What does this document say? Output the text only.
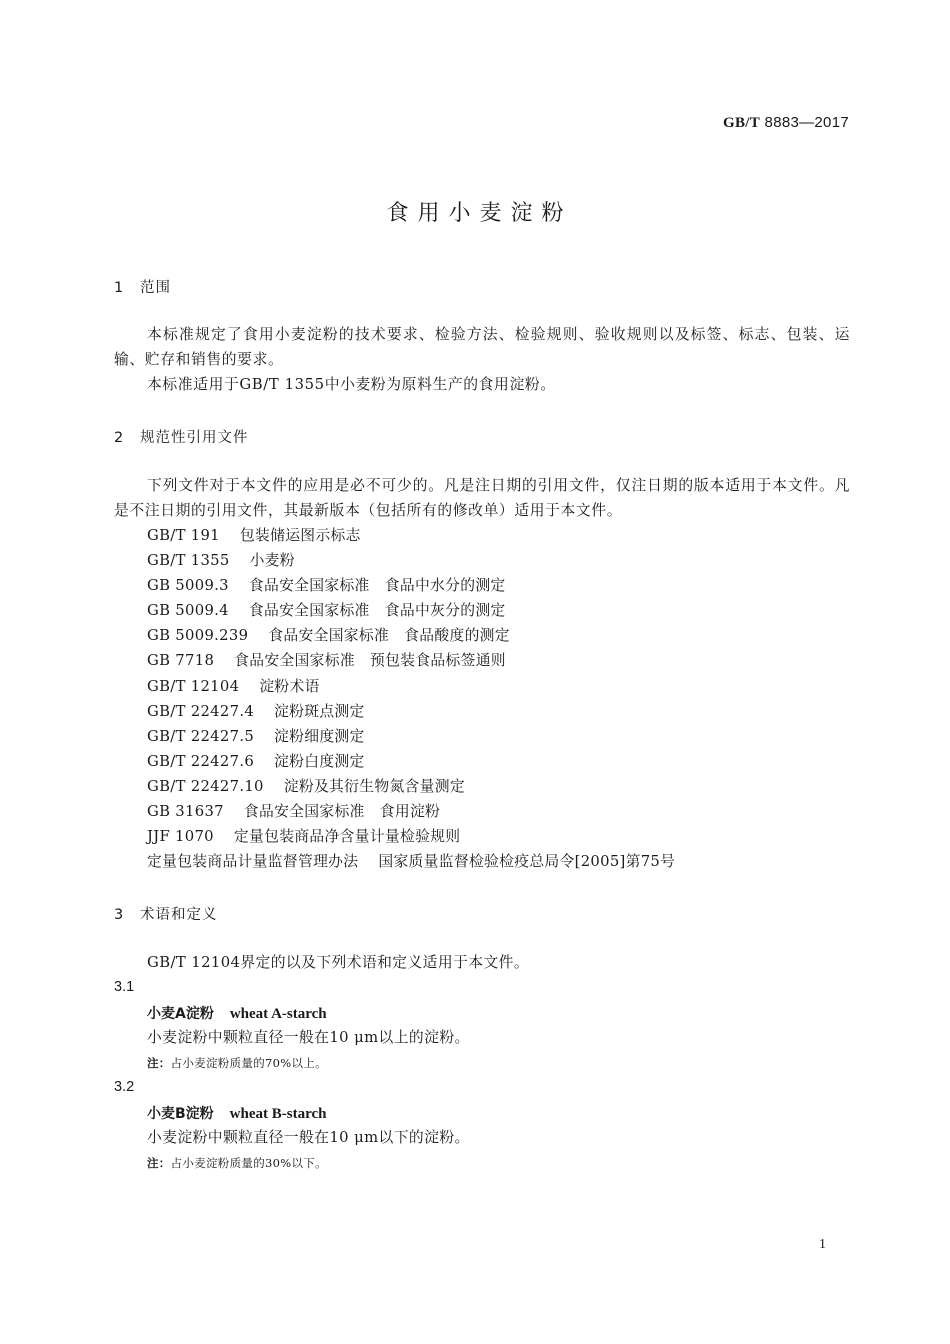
GB/T 8883—2017
食用小麦淀粉
1 范围
本标准规定了食用小麦淀粉的技术要求、检验方法、检验规则、验收规则以及标签、标志、包装、运输、贮存和销售的要求。
本标准适用于GB/T 1355中小麦粉为原料生产的食用淀粉。
2 规范性引用文件
下列文件对于本文件的应用是必不可少的。凡是注日期的引用文件，仅注日期的版本适用于本文件。凡是不注日期的引用文件，其最新版本（包括所有的修改单）适用于本文件。
GB/T 191 包装储运图示标志
GB/T 1355 小麦粉
GB 5009.3 食品安全国家标准　食品中水分的测定
GB 5009.4 食品安全国家标准　食品中灰分的测定
GB 5009.239 食品安全国家标准　食品酸度的测定
GB 7718 食品安全国家标准　预包装食品标签通则
GB/T 12104 淀粉术语
GB/T 22427.4 淀粉斑点测定
GB/T 22427.5 淀粉细度测定
GB/T 22427.6 淀粉白度测定
GB/T 22427.10 淀粉及其衍生物氮含量测定
GB 31637 食品安全国家标准　食用淀粉
JJF 1070 定量包装商品净含量计量检验规则
定量包装商品计量监督管理办法 国家质量监督检验检疫总局令[2005]第75号
3 术语和定义
GB/T 12104界定的以及下列术语和定义适用于本文件。
3.1
小麦A淀粉 wheat A-starch
小麦淀粉中颗粒直径一般在10 μm以上的淀粉。
注：占小麦淀粉质量的70%以上。
3.2
小麦B淀粉 wheat B-starch
小麦淀粉中颗粒直径一般在10 μm以下的淀粉。
注：占小麦淀粉质量的30%以下。
1
